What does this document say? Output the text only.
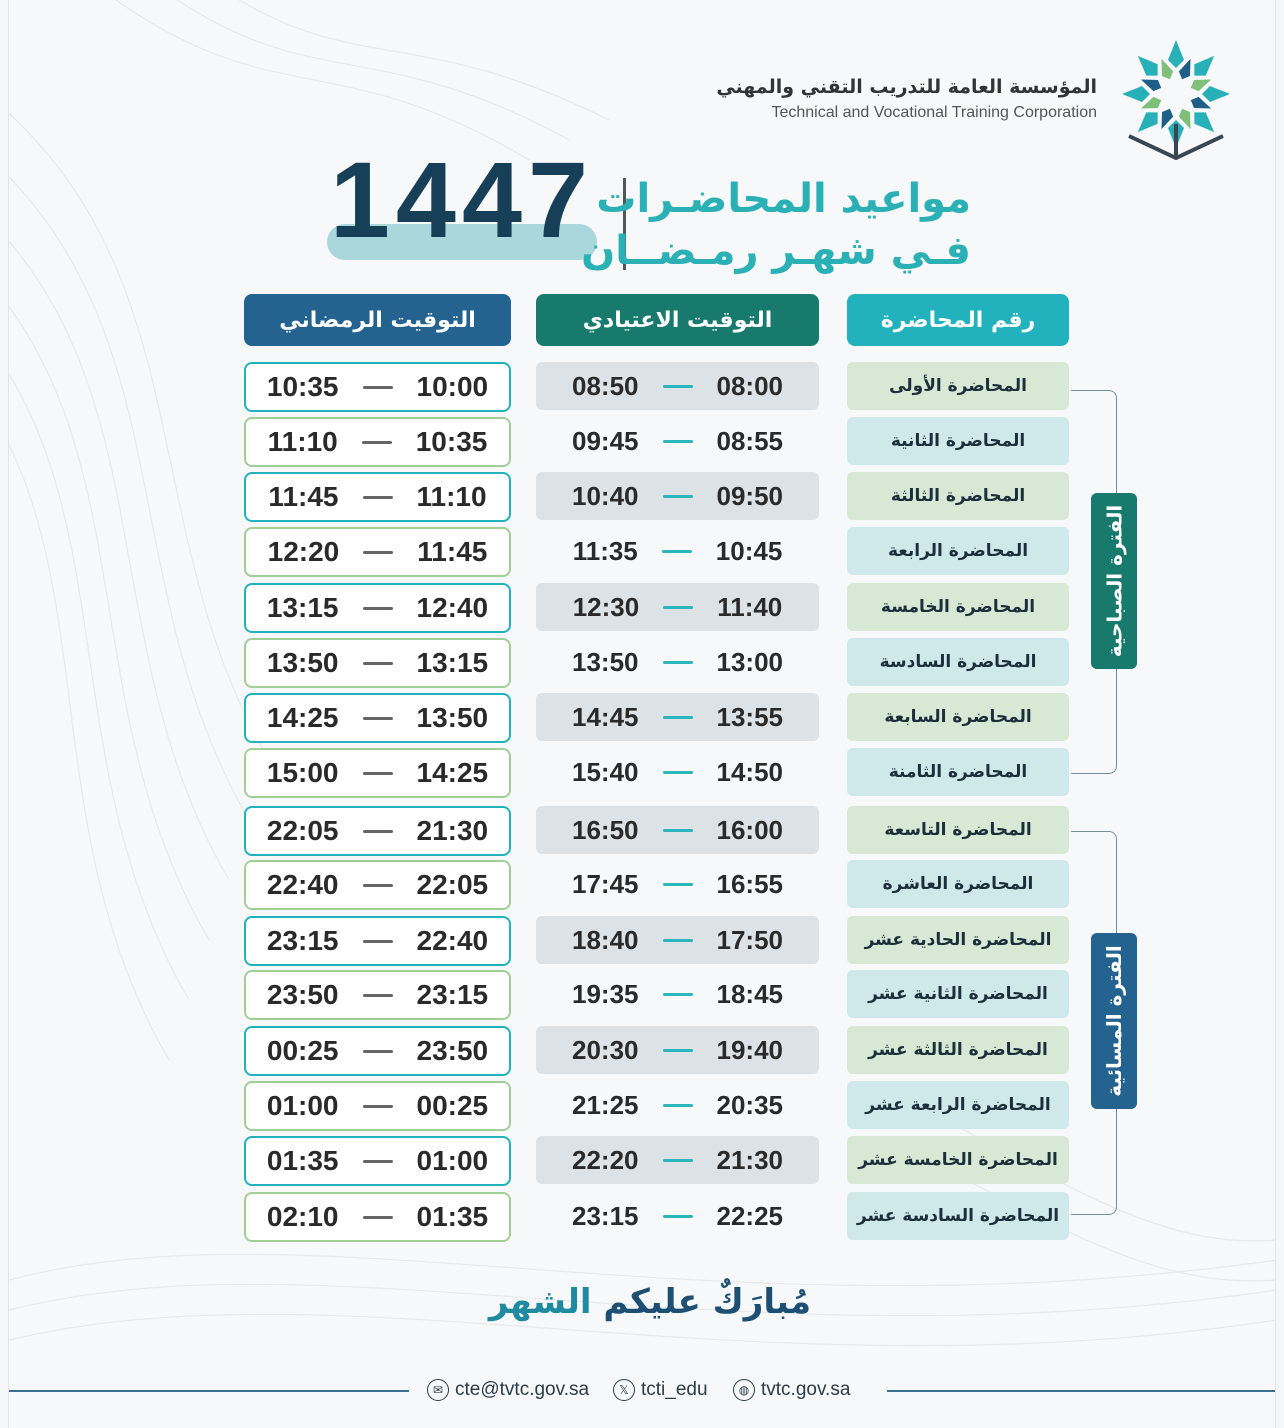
المؤسسة العامة للتدريب التقني والمهني
Technical and Vocational Training Corporation
1447 مواعيد المحاضـرات
فـي شهـر رمـضــان
رقم المحاضرة
التوقيت الاعتيادي
التوقيت الرمضاني
الفترة الصباحية
الفترة المسائية
10:35	10:00	08:50	08:00	المحاضرة الأولى
11:10	10:35	09:45	08:55	المحاضرة الثانية
11:45	11:10	10:40	09:50	المحاضرة الثالثة
12:20	11:45	11:35	10:45	المحاضرة الرابعة
13:15	12:40	12:30	11:40	المحاضرة الخامسة
13:50	13:15	13:50	13:00	المحاضرة السادسة
14:25	13:50	14:45	13:55	المحاضرة السابعة
15:00	14:25	15:40	14:50	المحاضرة الثامنة
22:05	21:30	16:50	16:00	المحاضرة التاسعة
22:40	22:05	17:45	16:55	المحاضرة العاشرة
23:15	22:40	18:40	17:50	المحاضرة الحادية عشر
23:50	23:15	19:35	18:45	المحاضرة الثانية عشر
00:25	23:50	20:30	19:40	المحاضرة الثالثة عشر
01:00	00:25	21:25	20:35	المحاضرة الرابعة عشر
01:35	01:00	22:20	21:30	المحاضرة الخامسة عشر
02:10	01:35	23:15	22:25	المحاضرة السادسة عشر
مُبارَكٌ عليكم الشهر
✉ cte@tvtc.gov.sa	𝕏 tcti_edu	◍ tvtc.gov.sa
